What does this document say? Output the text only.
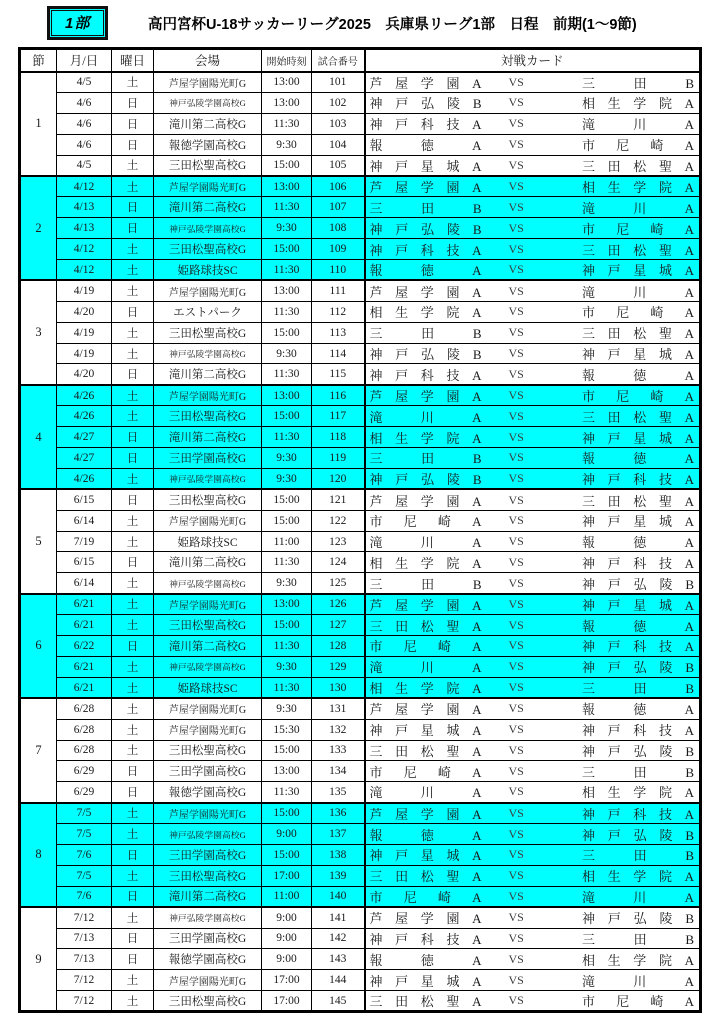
1部	高円宮杯U-18サッカーリーグ2025　兵庫県リーグ1部　日程　前期(1～9節)
節	月/日	曜日	会場	開始時刻	試合番号	対戦カード
1	4/5	土	芦屋学園陽光町G	13:00	101	芦屋学園A VS 三田B

	4/6	日	神戸弘陵学園高校G	13:00	102	神戸弘陵B VS 相生学院A

	4/6	日	滝川第二高校G	11:30	103	神戸科技A VS 滝川A

	4/6	日	報徳学園高校G	9:30	104	報徳A VS 市尼崎A

	4/5	土	三田松聖高校G	15:00	105	神戸星城A VS 三田松聖A

2	4/12	土	芦屋学園陽光町G	13:00	106	芦屋学園A VS 相生学院A

	4/13	日	滝川第二高校G	11:30	107	三田B VS 滝川A

	4/13	日	神戸弘陵学園高校G	9:30	108	神戸弘陵B VS 市尼崎A

	4/12	土	三田松聖高校G	15:00	109	神戸科技A VS 三田松聖A

	4/12	土	姫路球技SC	11:30	110	報徳A VS 神戸星城A

3	4/19	土	芦屋学園陽光町G	13:00	111	芦屋学園A VS 滝川A

	4/20	日	エストパーク	11:30	112	相生学院A VS 市尼崎A

	4/19	土	三田松聖高校G	15:00	113	三田B VS 三田松聖A

	4/19	土	神戸弘陵学園高校G	9:30	114	神戸弘陵B VS 神戸星城A

	4/20	日	滝川第二高校G	11:30	115	神戸科技A VS 報徳A

4	4/26	土	芦屋学園陽光町G	13:00	116	芦屋学園A VS 市尼崎A

	4/26	土	三田松聖高校G	15:00	117	滝川A VS 三田松聖A

	4/27	日	滝川第二高校G	11:30	118	相生学院A VS 神戸星城A

	4/27	日	三田学園高校G	9:30	119	三田B VS 報徳A

	4/26	土	神戸弘陵学園高校G	9:30	120	神戸弘陵B VS 神戸科技A

5	6/15	日	三田松聖高校G	15:00	121	芦屋学園A VS 三田松聖A

	6/14	土	芦屋学園陽光町G	15:00	122	市尼崎A VS 神戸星城A

	7/19	土	姫路球技SC	11:00	123	滝川A VS 報徳A

	6/15	日	滝川第二高校G	11:30	124	相生学院A VS 神戸科技A

	6/14	土	神戸弘陵学園高校G	9:30	125	三田B VS 神戸弘陵B

6	6/21	土	芦屋学園陽光町G	13:00	126	芦屋学園A VS 神戸星城A

	6/21	土	三田松聖高校G	15:00	127	三田松聖A VS 報徳A

	6/22	日	滝川第二高校G	11:30	128	市尼崎A VS 神戸科技A

	6/21	土	神戸弘陵学園高校G	9:30	129	滝川A VS 神戸弘陵B

	6/21	土	姫路球技SC	11:30	130	相生学院A VS 三田B

7	6/28	土	芦屋学園陽光町G	9:30	131	芦屋学園A VS 報徳A

	6/28	土	芦屋学園陽光町G	15:30	132	神戸星城A VS 神戸科技A

	6/28	土	三田松聖高校G	15:00	133	三田松聖A VS 神戸弘陵B

	6/29	日	三田学園高校G	13:00	134	市尼崎A VS 三田B

	6/29	日	報徳学園高校G	11:30	135	滝川A VS 相生学院A

8	7/5	土	芦屋学園陽光町G	15:00	136	芦屋学園A VS 神戸科技A

	7/5	土	神戸弘陵学園高校G	9:00	137	報徳A VS 神戸弘陵B

	7/6	日	三田学園高校G	15:00	138	神戸星城A VS 三田B

	7/5	土	三田松聖高校G	17:00	139	三田松聖A VS 相生学院A

	7/6	日	滝川第二高校G	11:00	140	市尼崎A VS 滝川A

9	7/12	土	神戸弘陵学園高校G	9:00	141	芦屋学園A VS 神戸弘陵B

	7/13	日	三田学園高校G	9:00	142	神戸科技A VS 三田B

	7/13	日	報徳学園高校G	9:00	143	報徳A VS 相生学院A

	7/12	土	芦屋学園陽光町G	17:00	144	神戸星城A VS 滝川A

	7/12	土	三田松聖高校G	17:00	145	三田松聖A VS 市尼崎A
